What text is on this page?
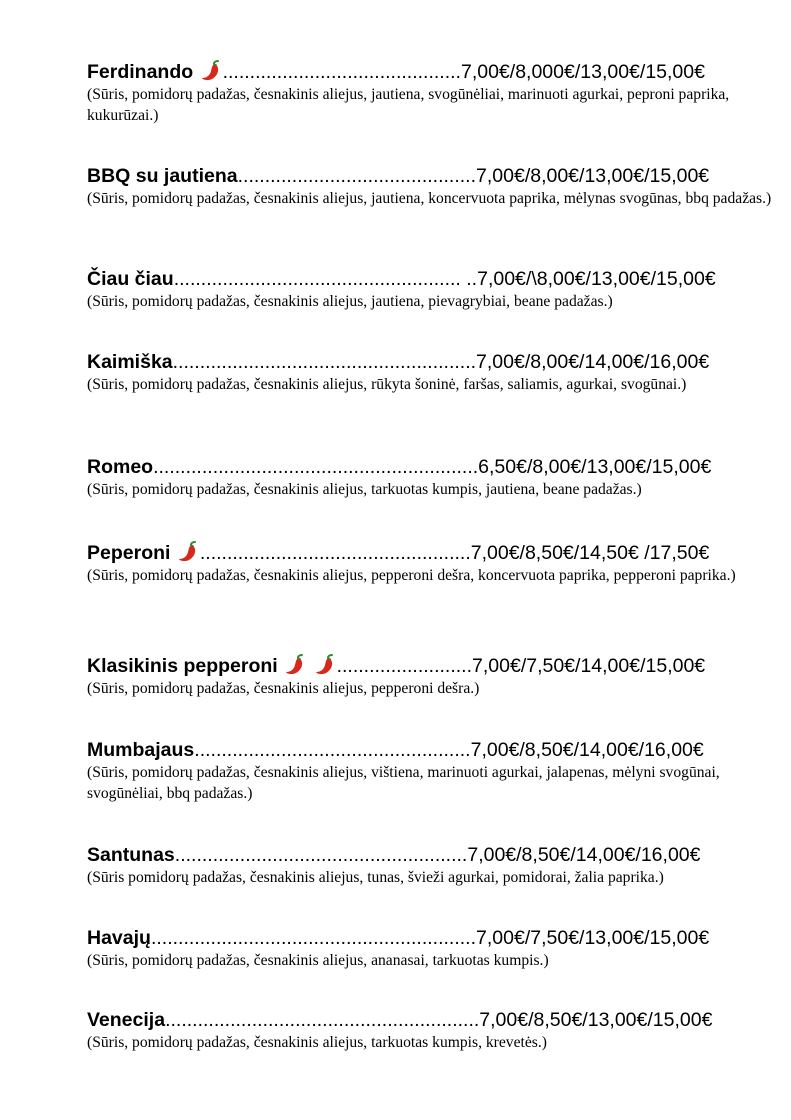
Ferdinando ............................................7,00€/8,000€/13,00€/15,00€
(Sūris, pomidorų padažas, česnakinis aliejus, jautiena, svogūnėliai, marinuoti agurkai, peproni paprika, kukurūzai.)
BBQ su jautiena............................................7,00€/8,00€/13,00€/15,00€
(Sūris, pomidorų padažas, česnakinis aliejus, jautiena, koncervuota paprika, mėlynas svogūnas, bbq padažas.)
Čiau čiau..................................................... ..7,00€/\8,00€/13,00€/15,00€
(Sūris, pomidorų padažas, česnakinis aliejus, jautiena, pievagrybiai, beane padažas.)
Kaimiška........................................................7,00€/8,00€/14,00€/16,00€
(Sūris, pomidorų padažas, česnakinis aliejus, rūkyta šoninė, faršas, saliamis, agurkai, svogūnai.)
Romeo............................................................6,50€/8,00€/13,00€/15,00€
(Sūris, pomidorų padažas, česnakinis aliejus, tarkuotas kumpis, jautiena, beane padažas.)
Peperoni ..................................................7,00€/8,50€/14,50€ /17,50€
(Sūris, pomidorų padažas, česnakinis aliejus, pepperoni dešra, koncervuota paprika, pepperoni paprika.)
Klasikinis pepperoni	.........................7,00€/7,50€/14,00€/15,00€
(Sūris, pomidorų padažas, česnakinis aliejus, pepperoni dešra.)
Mumbajaus...................................................7,00€/8,50€/14,00€/16,00€
(Sūris, pomidorų padažas, česnakinis aliejus, vištiena, marinuoti agurkai, jalapenas, mėlyni svogūnai, svogūnėliai, bbq padažas.)
Santunas......................................................7,00€/8,50€/14,00€/16,00€
(Sūris pomidorų padažas, česnakinis aliejus, tunas, švieži agurkai, pomidorai, žalia paprika.)
Havajų............................................................7,00€/7,50€/13,00€/15,00€
(Sūris, pomidorų padažas, česnakinis aliejus, ananasai, tarkuotas kumpis.)
Venecija..........................................................7,00€/8,50€/13,00€/15,00€
(Sūris, pomidorų padažas, česnakinis aliejus, tarkuotas kumpis, krevetės.)
